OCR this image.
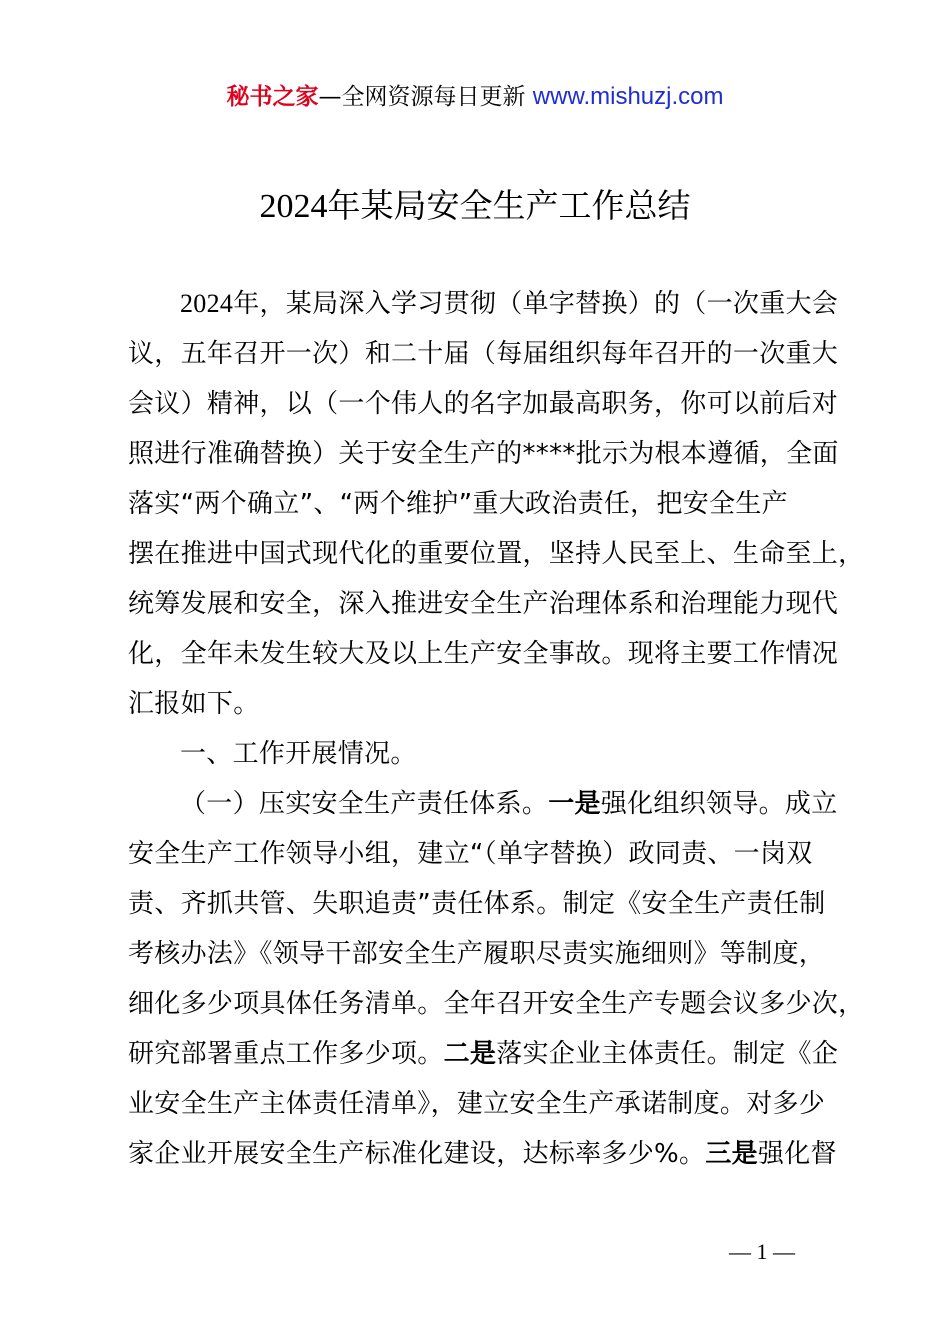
秘书之家—全网资源每日更新 www.mishuzj.com
2024年某局安全生产工作总结
2024年，某局深入学习贯彻（单字替换）的（一次重大会
议，五年召开一次）和二十届（每届组织每年召开的一次重大
会议）精神，以（一个伟人的名字加最高职务，你可以前后对
照进行准确替换）关于安全生产的****批示为根本遵循，全面
落实“两个确立”、“两个维护”重大政治责任，把安全生产
摆在推进中国式现代化的重要位置，坚持人民至上、生命至上，
统筹发展和安全，深入推进安全生产治理体系和治理能力现代
化，全年未发生较大及以上生产安全事故。现将主要工作情况
汇报如下。
一、工作开展情况。
（一）压实安全生产责任体系。一是强化组织领导。成立
安全生产工作领导小组，建立“（单字替换）政同责、一岗双
责、齐抓共管、失职追责”责任体系。制定《安全生产责任制
考核办法》《领导干部安全生产履职尽责实施细则》等制度，
细化多少项具体任务清单。全年召开安全生产专题会议多少次，
研究部署重点工作多少项。二是落实企业主体责任。制定《企
业安全生产主体责任清单》，建立安全生产承诺制度。对多少
家企业开展安全生产标准化建设，达标率多少%。三是强化督
— 1 —
